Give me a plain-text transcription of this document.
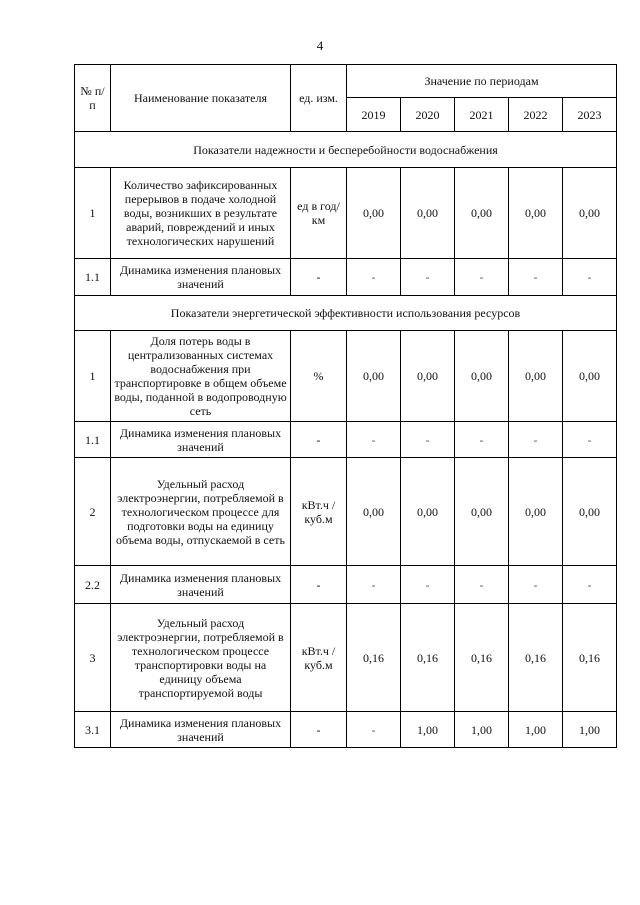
4
№ п/п	Наименование показателя	ед. изм.	Значение по периодам				
			2019	2020	2021	2022	2023
Показатели надежности и бесперебойности водоснабжения							
1	Количество зафиксированных перерывов в подаче холодной воды, возникших в результате аварий, повреждений и иных технологических нарушений	ед в год/ км	0,00	0,00	0,00	0,00	0,00
1.1	Динамика изменения плановых значений	-	-	-	-	-	-
Показатели энергетической эффективности использования ресурсов							
1	Доля потерь воды в централизованных системах водоснабжения при транспортировке в общем объеме воды, поданной в водопроводную сеть	%	0,00	0,00	0,00	0,00	0,00
1.1	Динамика изменения плановых значений	-	-	-	-	-	-
2	Удельный расход электроэнергии, потребляемой в технологическом процессе для подготовки воды на единицу объема воды, отпускаемой в сеть	кВт.ч / куб.м	0,00	0,00	0,00	0,00	0,00
2.2	Динамика изменения плановых значений	-	-	-	-	-	-
3	Удельный расход электроэнергии, потребляемой в технологическом процессе транспортировки воды на единицу объема транспортируемой воды	кВт.ч / куб.м	0,16	0,16	0,16	0,16	0,16
3.1	Динамика изменения плановых значений	-	-	1,00	1,00	1,00	1,00
